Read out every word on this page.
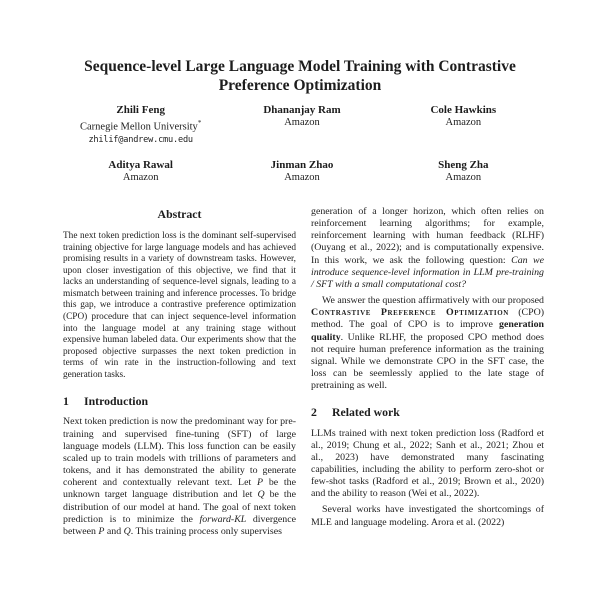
Sequence-level Large Language Model Training with Contrastive
Preference Optimization
Zhili Feng
Carnegie Mellon University*
zhilif@andrew.cmu.edu
Dhananjay Ram
Amazon
Cole Hawkins
Amazon
Aditya Rawal
Amazon
Jinman Zhao
Amazon
Sheng Zha
Amazon
Abstract

The next token prediction loss is the dominant self-supervised training objective for large language models and has achieved promising results in a variety of downstream tasks. However, upon closer investigation of this objective, we find that it lacks an understanding of sequence-level signals, leading to a mismatch between training and inference processes. To bridge this gap, we introduce a contrastive preference optimization (CPO) procedure that can inject sequence-level information into the language model at any training stage without expensive human labeled data. Our experiments show that the proposed objective surpasses the next token prediction in terms of win rate in the instruction-following and text generation tasks.

1 Introduction

Next token prediction is now the predominant way for pre-training and supervised fine-tuning (SFT) of large language models (LLM). This loss function can be easily scaled up to train models with trillions of parameters and tokens, and it has demonstrated the ability to generate coherent and contextually relevant text. Let P be the unknown target language distribution and let Q be the distribution of our model at hand. The goal of next token prediction is to minimize the forward-KL divergence between P and Q. This training process only supervises

generation of a longer horizon, which often relies on reinforcement learning algorithms; for example, reinforcement learning with human feedback (RLHF) (Ouyang et al., 2022); and is computationally expensive. In this work, we ask the following question: Can we introduce sequence-level information in LLM pre-training / SFT with a small computational cost?

We answer the question affirmatively with our proposed Contrastive Preference Optimization (CPO) method. The goal of CPO is to improve generation quality. Unlike RLHF, the proposed CPO method does not require human preference information as the training signal. While we demonstrate CPO in the SFT case, the loss can be seemlessly applied to the late stage of pretraining as well.

2 Related work

LLMs trained with next token prediction loss (Radford et al., 2019; Chung et al., 2022; Sanh et al., 2021; Zhou et al., 2023) have demonstrated many fascinating capabilities, including the ability to perform zero-shot or few-shot tasks (Radford et al., 2019; Brown et al., 2020) and the ability to reason (Wei et al., 2022).

Several works have investigated the shortcomings of MLE and language modeling. Arora et al. (2022)
